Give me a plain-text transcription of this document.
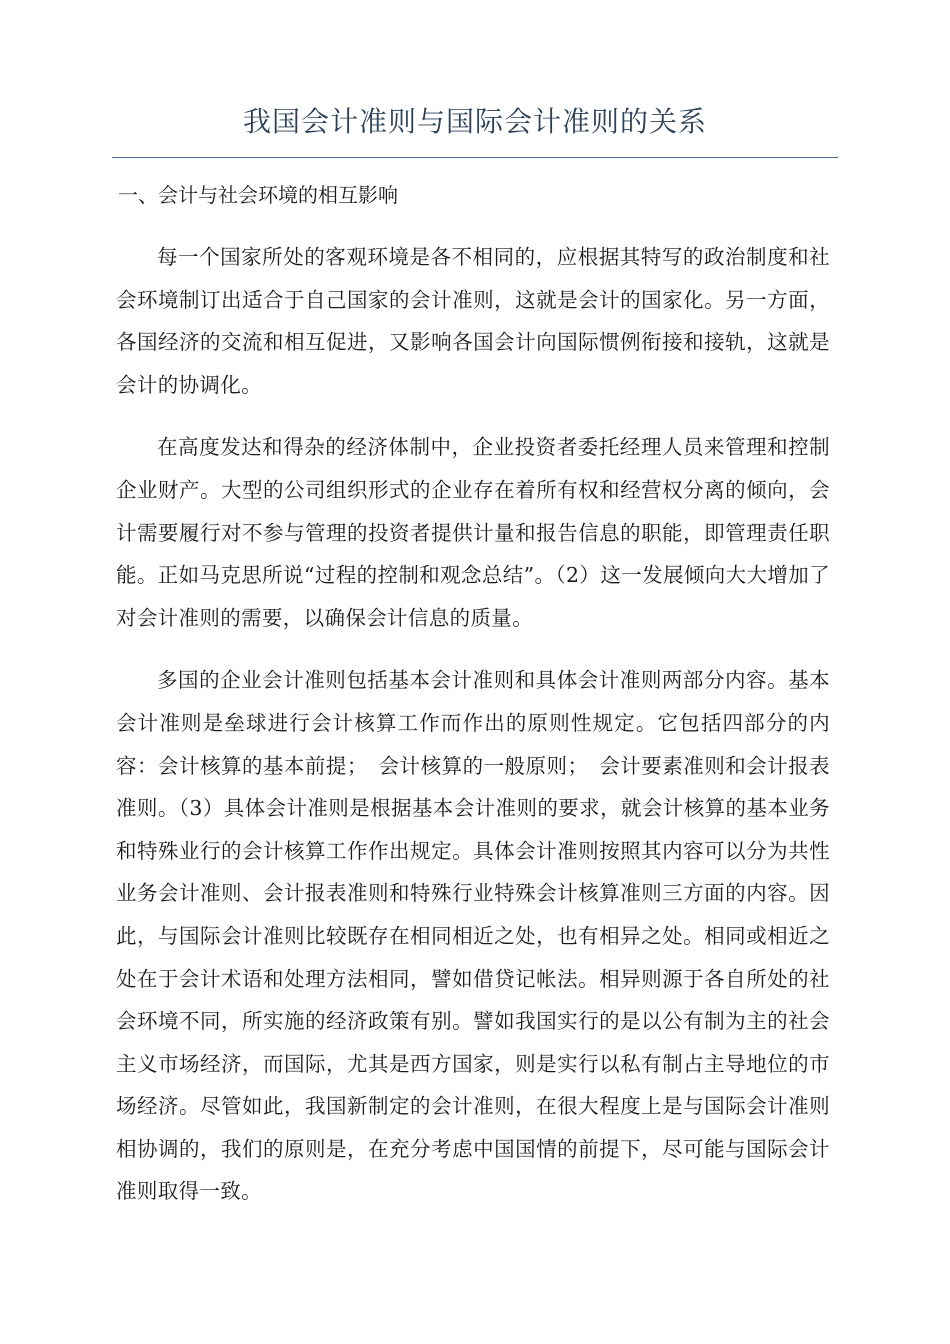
我国会计准则与国际会计准则的关系
一、会计与社会环境的相互影响

每一个国家所处的客观环境是各不相同的，应根据其特写的政治制度和社会环境制订出适合于自己国家的会计准则，这就是会计的国家化。另一方面，各国经济的交流和相互促进，又影响各国会计向国际惯例衔接和接轨，这就是会计的协调化。

在高度发达和得杂的经济体制中，企业投资者委托经理人员来管理和控制企业财产。大型的公司组织形式的企业存在着所有权和经营权分离的倾向，会计需要履行对不参与管理的投资者提供计量和报告信息的职能，即管理责任职能。正如马克思所说“过程的控制和观念总结”。（2）这一发展倾向大大增加了对会计准则的需要，以确保会计信息的质量。

多国的企业会计准则包括基本会计准则和具体会计准则两部分内容。基本会计准则是垒球进行会计核算工作而作出的原则性规定。它包括四部分的内容：会计核算的基本前提；　会计核算的一般原则；　会计要素准则和会计报表准则。（3）具体会计准则是根据基本会计准则的要求，就会计核算的基本业务和特殊业行的会计核算工作作出规定。具体会计准则按照其内容可以分为共性业务会计准则、会计报表准则和特殊行业特殊会计核算准则三方面的内容。因此，与国际会计准则比较既存在相同相近之处，也有相异之处。相同或相近之处在于会计术语和处理方法相同，譬如借贷记帐法。相异则源于各自所处的社会环境不同，所实施的经济政策有别。譬如我国实行的是以公有制为主的社会主义市场经济，而国际，尤其是西方国家，则是实行以私有制占主导地位的市场经济。尽管如此，我国新制定的会计准则，在很大程度上是与国际会计准则相协调的，我们的原则是，在充分考虑中国国情的前提下，尽可能与国际会计准则取得一致。
